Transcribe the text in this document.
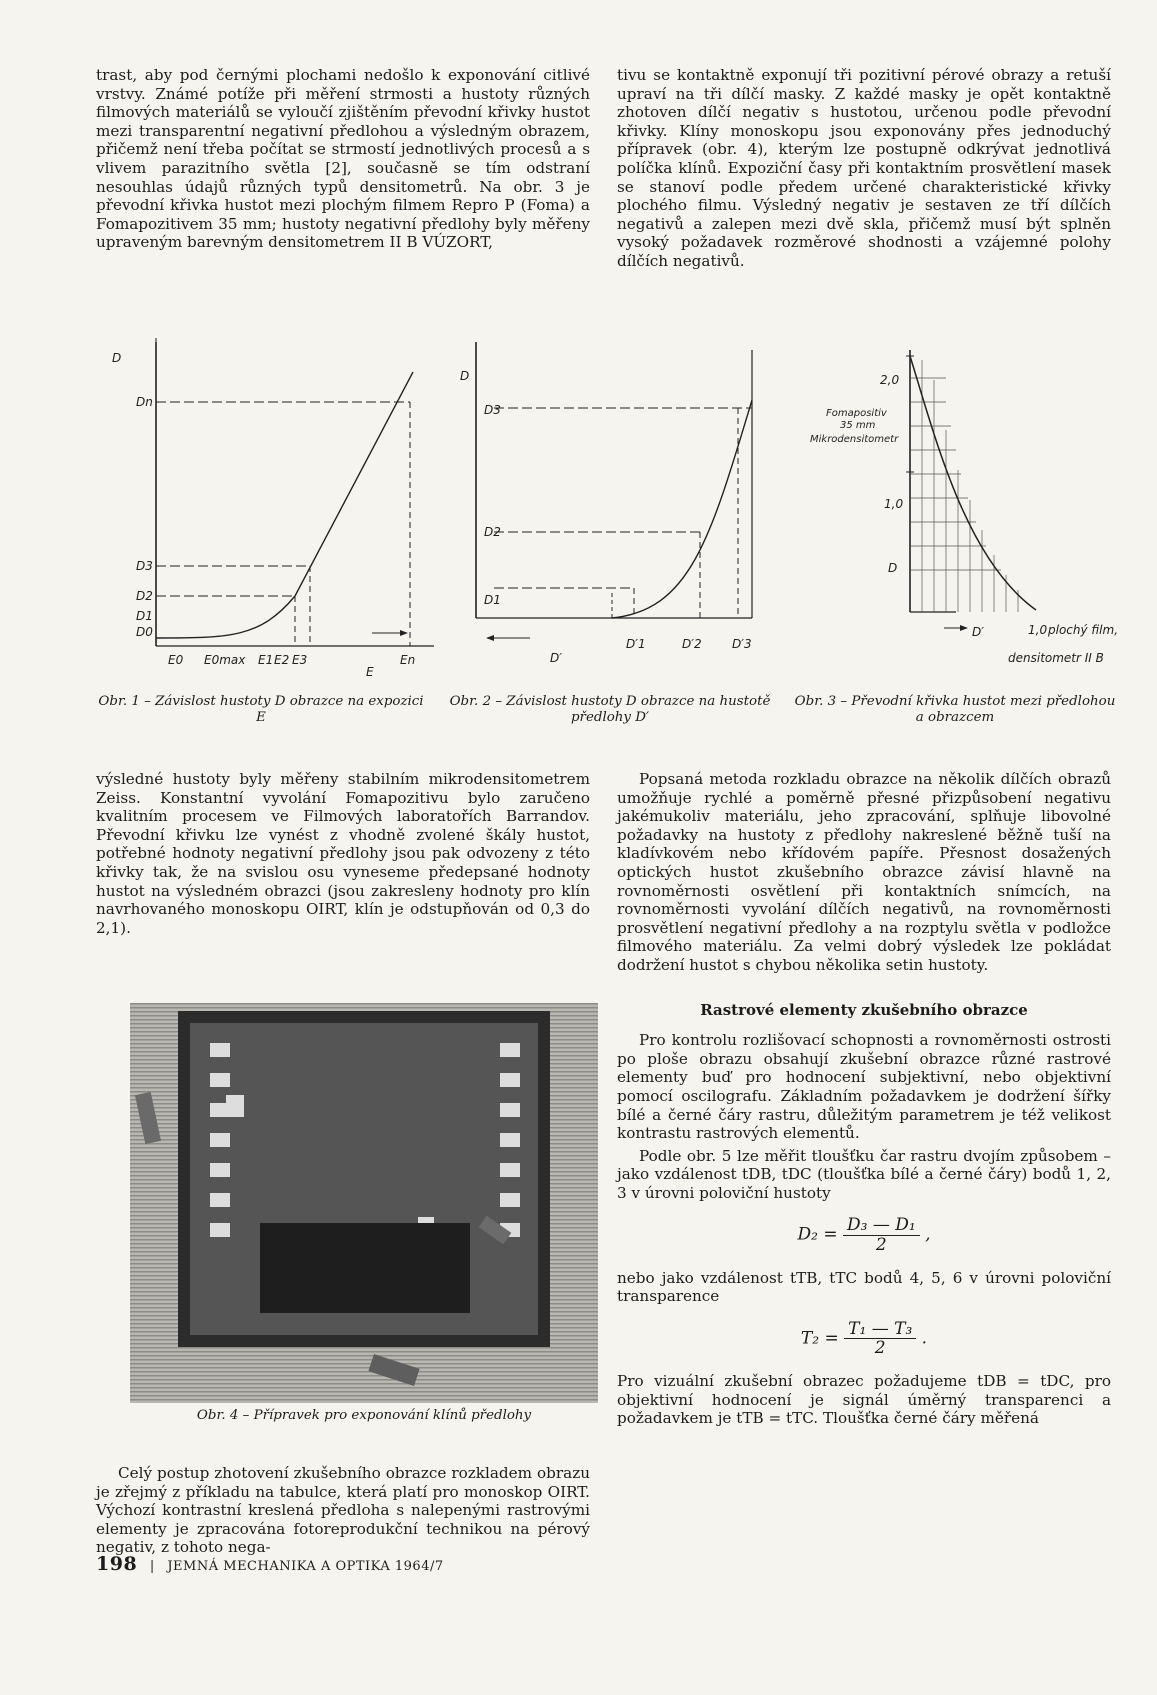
trast, aby pod černými plochami nedošlo k exponování citlivé vrstvy. Známé potíže při měření strmosti a hustoty různých filmových materiálů se vyloučí zjištěním převodní křivky hustot mezi transparentní negativní předlohou a výsledným obrazem, přičemž není třeba počítat se strmostí jednotlivých procesů a s vlivem parazitního světla [2], současně se tím odstraní nesouhlas údajů různých typů densitometrů. Na obr. 3 je převodní křivka hustot mezi plochým filmem Repro P (Foma) a Fomapozitivem 35 mm; hustoty negativní předlohy byly měřeny upraveným barevným densitometrem II B VÚZORT,

tivu se kontaktně exponují tři pozitivní pérové obrazy a retuší upraví na tři dílčí masky. Z každé masky je opět kontaktně zhotoven dílčí negativ s hustotou, určenou podle převodní křivky. Klíny monoskopu jsou exponovány přes jednoduchý přípravek (obr. 4), kterým lze postupně odkrývat jednotlivá políčka klínů. Expoziční časy při kontaktním prosvětlení masek se stanoví podle předem určené charakteristické křivky plochého filmu. Výsledný negativ je sestaven ze tří dílčích negativů a zalepen mezi dvě skla, přičemž musí být splněn vysoký požadavek rozměrové shodnosti a vzájemné polohy dílčích negativů.

D
Dn
D3
D2
D1
D0
E0 E0max E1 E2 E3	En
E
D
D3
D2
D1
D′
D′1	D′2	D′3
2,0
1,0
D
D′	1,0 plochý film,
densitometr II B
Fomapositiv
35 mm
Mikrodensitometr
Obr. 1 – Závislost hustoty D obrazce na expozici E
Obr. 2 – Závislost hustoty D obrazce na hustotě předlohy D′
Obr. 3 – Převodní křivka hustot mezi předlohou a obrazcem

výsledné hustoty byly měřeny stabilním mikrodensitometrem Zeiss. Konstantní vyvolání Fomapozitivu bylo zaručeno kvalitním procesem ve Filmových laboratořích Barrandov. Převodní křivku lze vynést z vhodně zvolené škály hustot, potřebné hodnoty negativní předlohy jsou pak odvozeny z této křivky tak, že na svislou osu vyneseme předepsané hodnoty hustot na výsledném obrazci (jsou zakresleny hodnoty pro klín navrhovaného monoskopu OIRT, klín je odstupňován od 0,3 do 2,1).

Obr. 4 – Přípravek pro exponování klínů předlohy

Celý postup zhotovení zkušebního obrazce rozkladem obrazu je zřejmý z příkladu na tabulce, která platí pro monoskop OIRT. Výchozí kontrastní kreslená předloha s nalepenými rastrovými elementy je zpracována fotoreprodukční technikou na pérový negativ, z tohoto nega-

Popsaná metoda rozkladu obrazce na několik dílčích obrazů umožňuje rychlé a poměrně přesné přizpůsobení negativu jakémukoliv materiálu, jeho zpracování, splňuje libovolné požadavky na hustoty z předlohy nakreslené běžně tuší na kladívkovém nebo křídovém papíře. Přesnost dosažených optických hustot zkušebního obrazce závisí hlavně na rovnoměrnosti osvětlení při kontaktních snímcích, na rovnoměrnosti vyvolání dílčích negativů, na rovnoměrnosti prosvětlení negativní předlohy a na rozptylu světla v podložce filmového materiálu. Za velmi dobrý výsledek lze pokládat dodržení hustot s chybou několika setin hustoty.

Rastrové elementy zkušebního obrazce

Pro kontrolu rozlišovací schopnosti a rovnoměrnosti ostrosti po ploše obrazu obsahují zkušební obrazce různé rastrové elementy buď pro hodnocení subjektivní, nebo objektivní pomocí oscilografu. Základním požadavkem je dodržení šířky bílé a černé čáry rastru, důležitým parametrem je též velikost kontrastu rastrových elementů.

Podle obr. 5 lze měřit tloušťku čar rastru dvojím způsobem – jako vzdálenost tDB, tDC (tloušťka bílé a černé čáry) bodů 1, 2, 3 v úrovni poloviční hustoty

$D_2 = \frac{\text{D₃ — D₁}}{2}$ ,

nebo jako vzdálenost tTB, tTC bodů 4, 5, 6 v úrovni poloviční transparence

$T_2 = \frac{\text{T₁ — T₃}}{2}$ .

Pro vizuální zkušební obrazec požadujeme tDB = tDC, pro objektivní hodnocení je signál úměrný transparenci a požadavkem je tTB = tTC. Tloušťka černé čáry měřená

198 | JEMNÁ MECHANIKA A OPTIKA 1964/7
